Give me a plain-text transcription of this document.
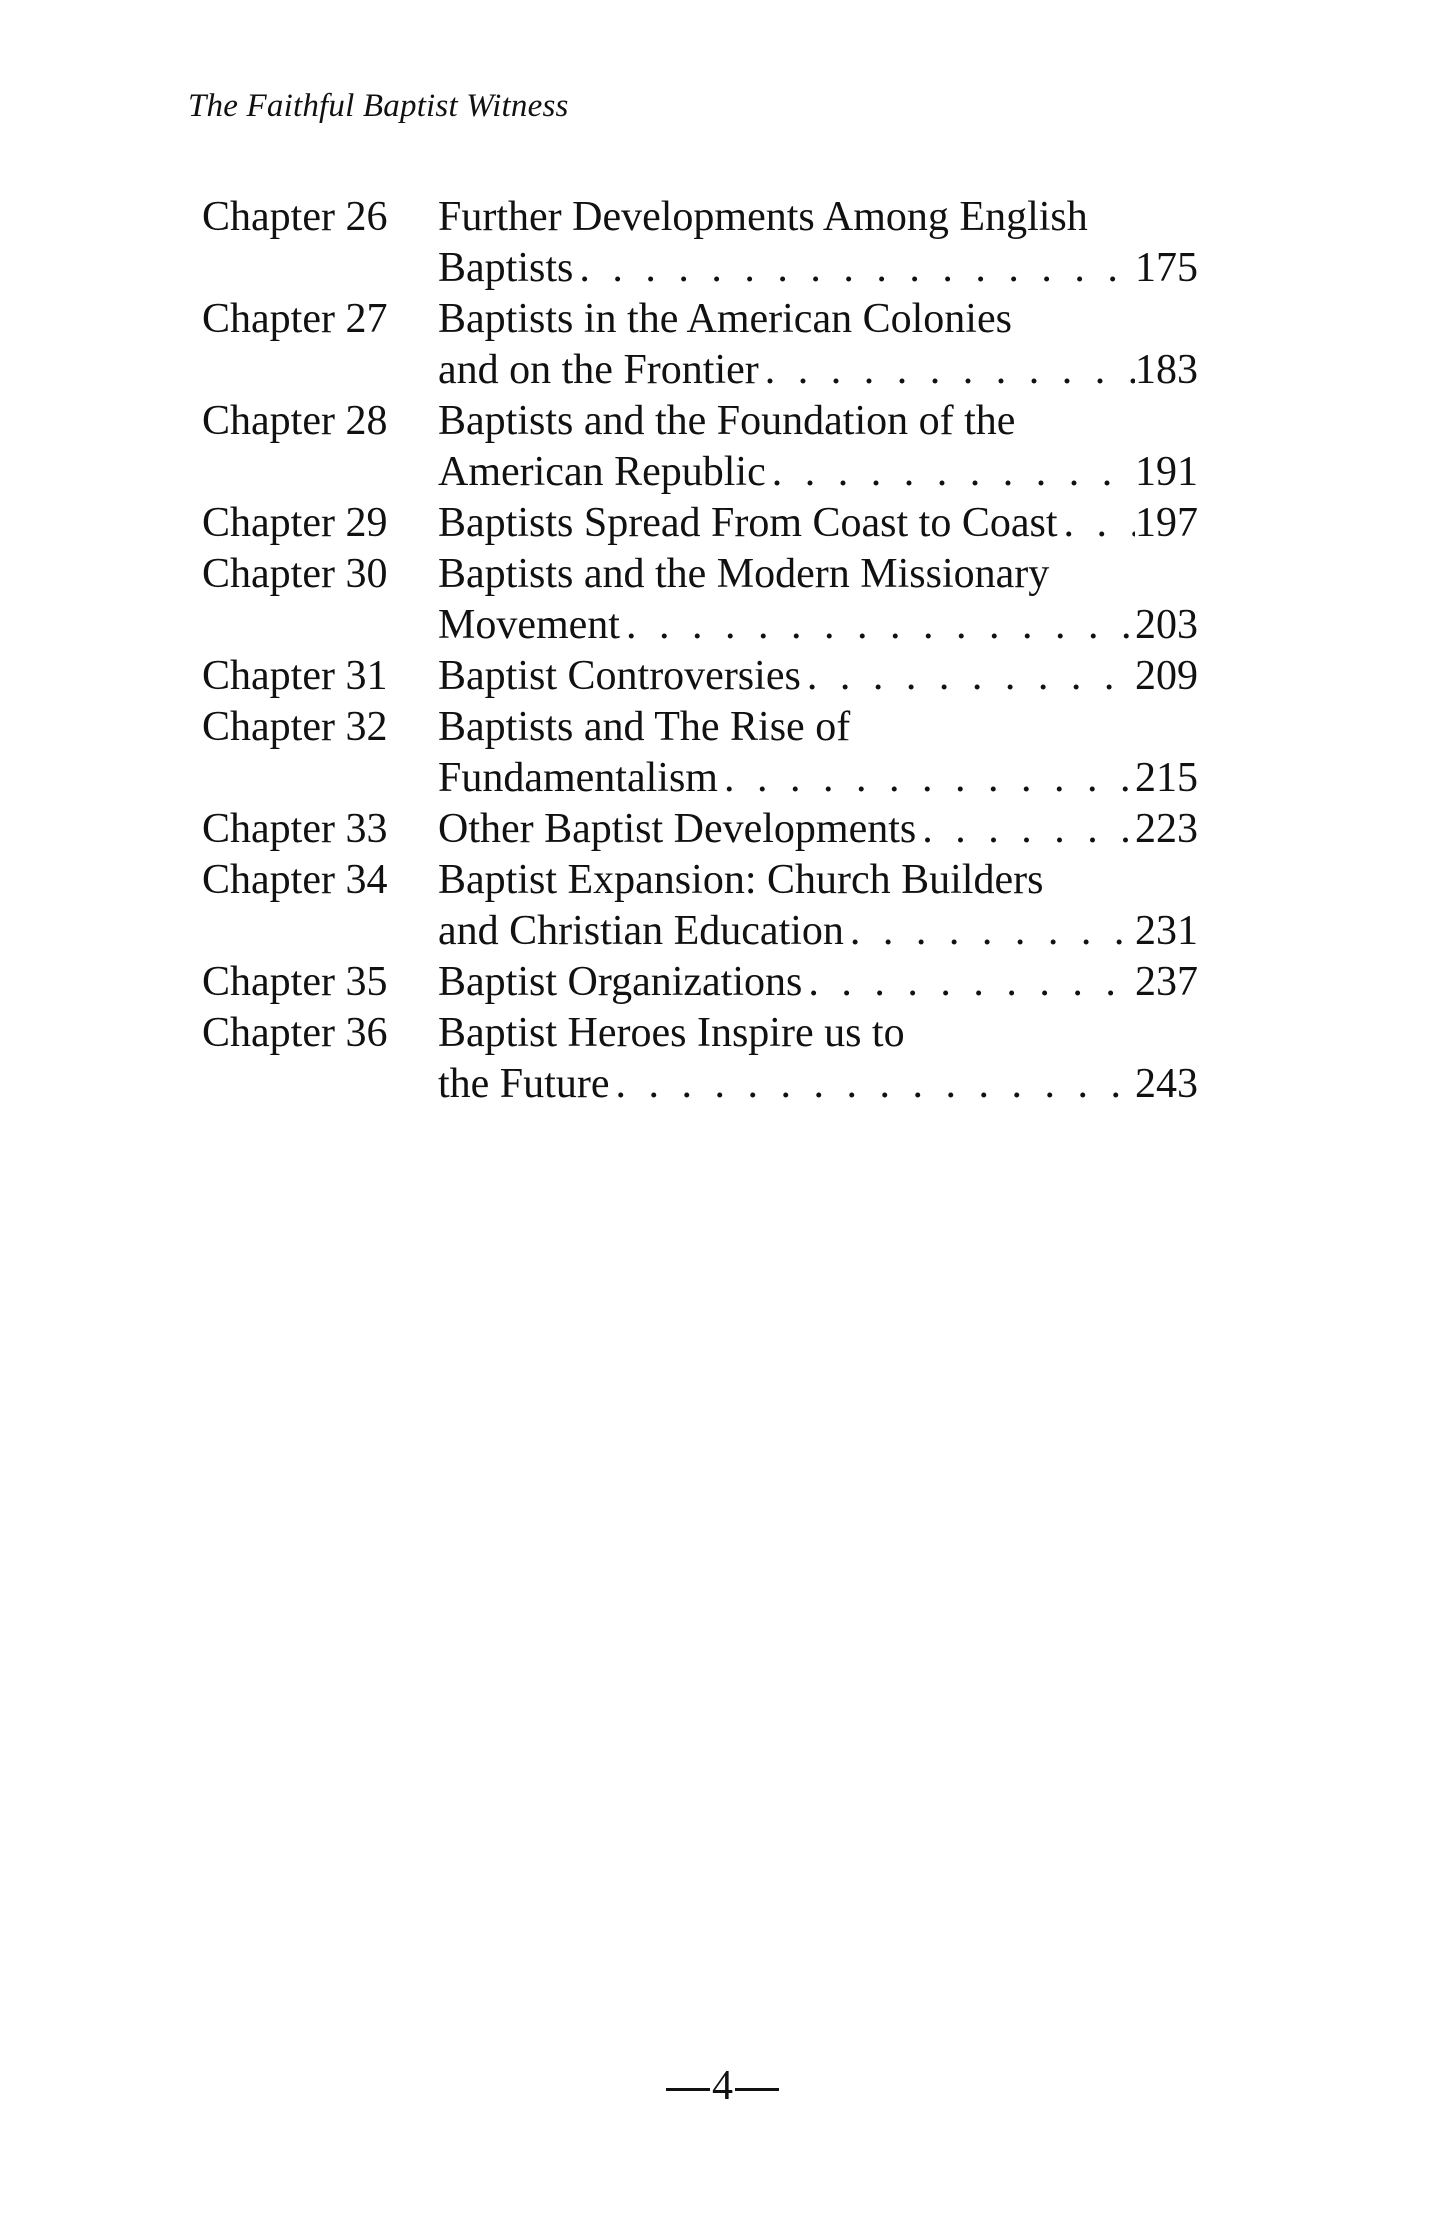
The Faithful Baptist Witness
Chapter 26	Further Developments Among English
Baptists . . .	175
Chapter 27	Baptists in the American Colonies
and on the Frontier . . .	183
Chapter 28	Baptists and the Foundation of the
American Republic . . .	191
Chapter 29	Baptists Spread From Coast to Coast . . . 197
Chapter 30	Baptists and the Modern Missionary
Movement . . .	203
Chapter 31	Baptist Controversies . . .	209
Chapter 32	Baptists and The Rise of
Fundamentalism . . .	215
Chapter 33	Other Baptist Developments . . .	223
Chapter 34	Baptist Expansion: Church Builders
and Christian Education . . .	231
Chapter 35	Baptist Organizations . . .	237
Chapter 36	Baptist Heroes Inspire us to
the Future . . .	243
4
